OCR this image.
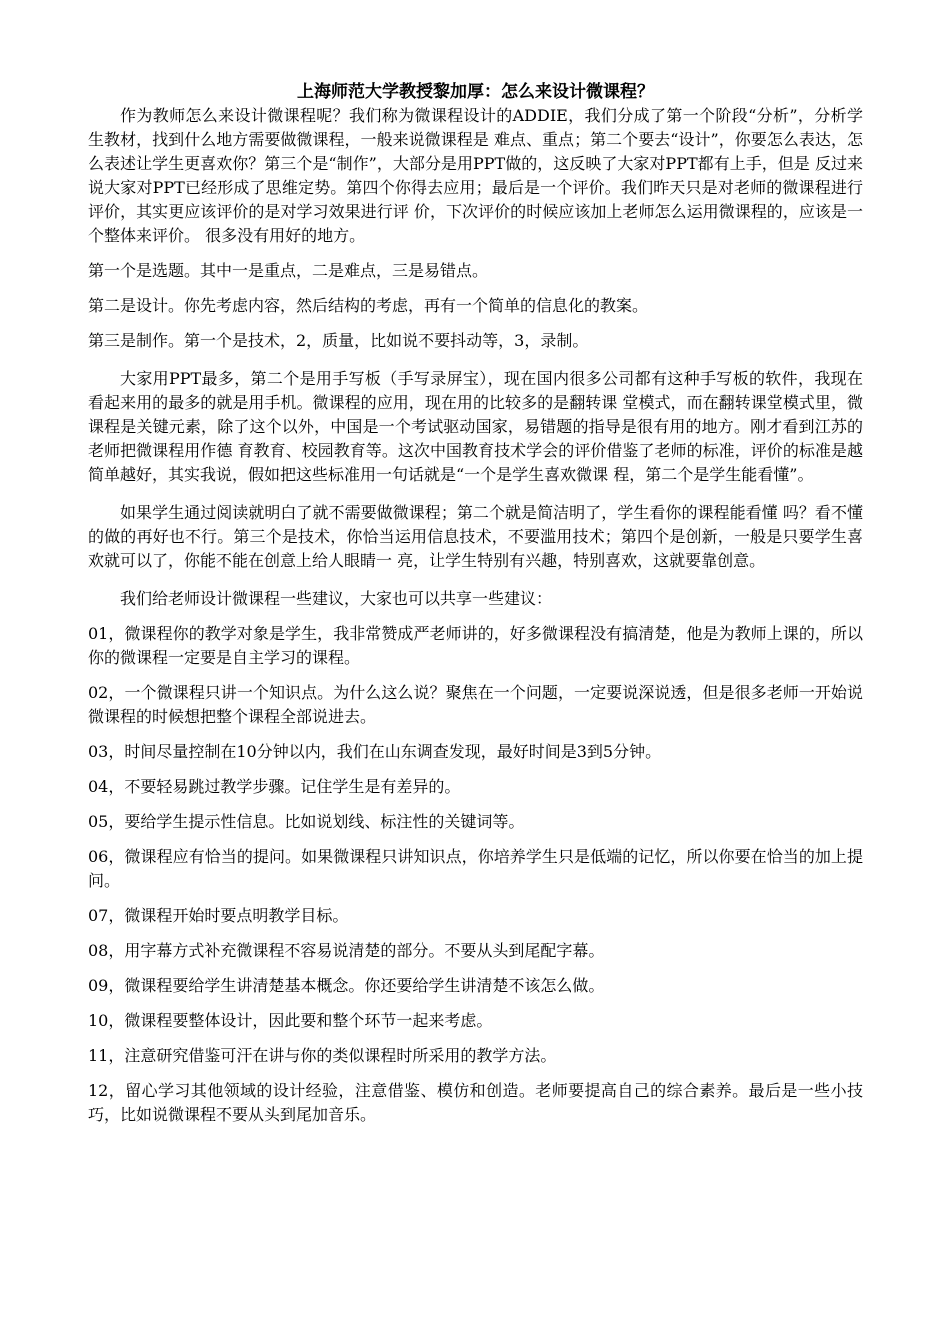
上海师范大学教授黎加厚：怎么来设计微课程？

作为教师怎么来设计微课程呢？我们称为微课程设计的ADDIE，我们分成了第一个阶段“分析”，分析学生教材，找到什么地方需要做微课程，一般来说微课程是 难点、重点；第二个要去“设计”，你要怎么表达，怎么表述让学生更喜欢你？第三个是“制作”，大部分是用PPT做的，这反映了大家对PPT都有上手，但是 反过来说大家对PPT已经形成了思维定势。第四个你得去应用；最后是一个评价。我们昨天只是对老师的微课程进行评价，其实更应该评价的是对学习效果进行评 价，下次评价的时候应该加上老师怎么运用微课程的，应该是一个整体来评价。 很多没有用好的地方。

第一个是选题。其中一是重点，二是难点，三是易错点。

第二是设计。你先考虑内容，然后结构的考虑，再有一个简单的信息化的教案。

第三是制作。第一个是技术，2，质量，比如说不要抖动等，3，录制。

大家用PPT最多，第二个是用手写板（手写录屏宝），现在国内很多公司都有这种手写板的软件，我现在看起来用的最多的就是用手机。微课程的应用，现在用的比较多的是翻转课 堂模式，而在翻转课堂模式里，微课程是关键元素，除了这个以外，中国是一个考试驱动国家，易错题的指导是很有用的地方。刚才看到江苏的老师把微课程用作德 育教育、校园教育等。这次中国教育技术学会的评价借鉴了老师的标准，评价的标准是越简单越好，其实我说，假如把这些标准用一句话就是“一个是学生喜欢微课 程，第二个是学生能看懂”。

如果学生通过阅读就明白了就不需要做微课程；第二个就是简洁明了，学生看你的课程能看懂 吗？看不懂的做的再好也不行。第三个是技术，你恰当运用信息技术，不要滥用技术；第四个是创新，一般是只要学生喜欢就可以了，你能不能在创意上给人眼睛一 亮，让学生特别有兴趣，特别喜欢，这就要靠创意。

我们给老师设计微课程一些建议，大家也可以共享一些建议：

01，微课程你的教学对象是学生，我非常赞成严老师讲的，好多微课程没有搞清楚，他是为教师上课的，所以你的微课程一定要是自主学习的课程。

02，一个微课程只讲一个知识点。为什么这么说？聚焦在一个问题，一定要说深说透，但是很多老师一开始说微课程的时候想把整个课程全部说进去。

03，时间尽量控制在10分钟以内，我们在山东调查发现，最好时间是3到5分钟。

04，不要轻易跳过教学步骤。记住学生是有差异的。

05，要给学生提示性信息。比如说划线、标注性的关键词等。

06，微课程应有恰当的提问。如果微课程只讲知识点，你培养学生只是低端的记忆，所以你要在恰当的加上提问。

07，微课程开始时要点明教学目标。

08，用字幕方式补充微课程不容易说清楚的部分。不要从头到尾配字幕。

09，微课程要给学生讲清楚基本概念。你还要给学生讲清楚不该怎么做。

10，微课程要整体设计，因此要和整个环节一起来考虑。

11，注意研究借鉴可汗在讲与你的类似课程时所采用的教学方法。

12，留心学习其他领域的设计经验，注意借鉴、模仿和创造。老师要提高自己的综合素养。最后是一些小技巧，比如说微课程不要从头到尾加音乐。
